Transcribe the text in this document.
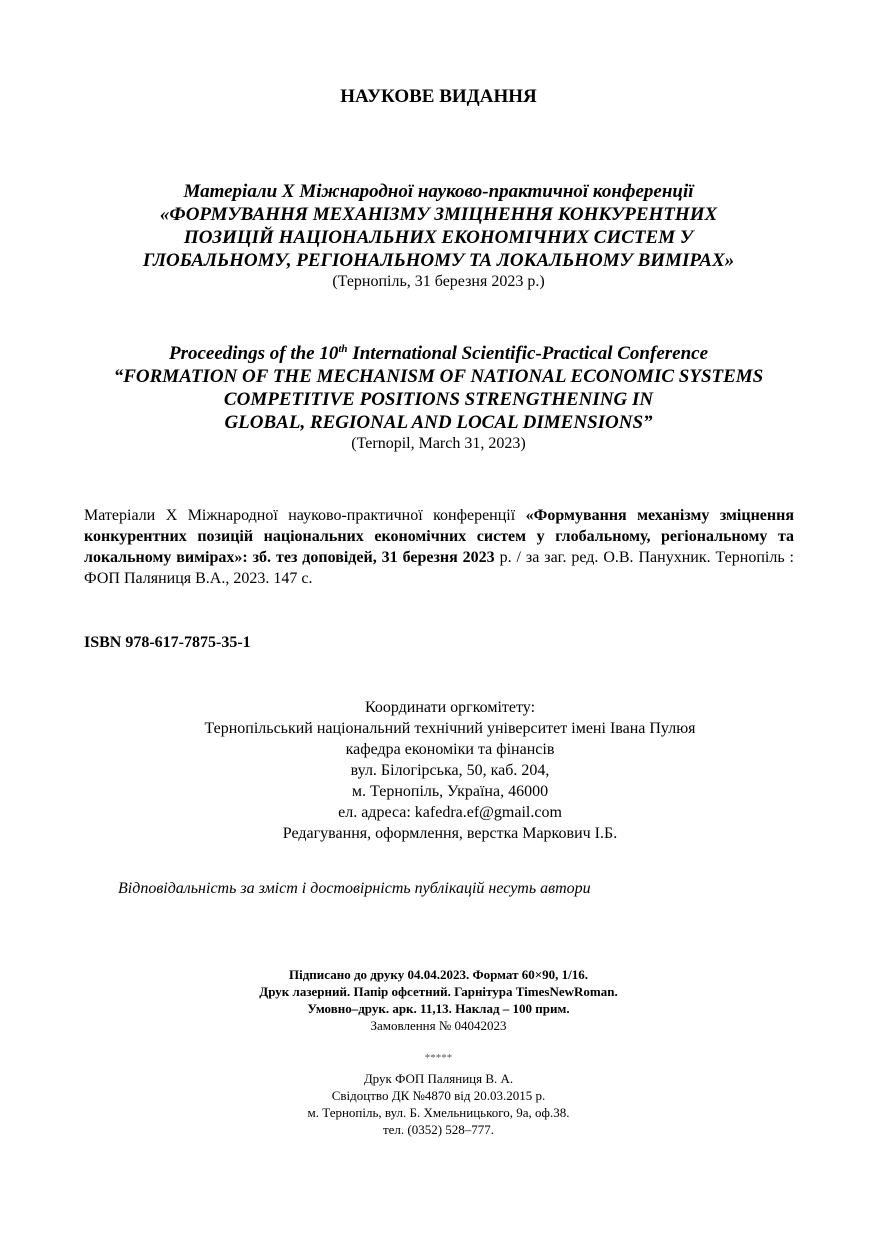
НАУКОВЕ ВИДАННЯ
Матеріали Х Міжнародної науково-практичної конференції
«ФОРМУВАННЯ МЕХАНІЗМУ ЗМІЦНЕННЯ КОНКУРЕНТНИХ
ПОЗИЦІЙ НАЦІОНАЛЬНИХ ЕКОНОМІЧНИХ СИСТЕМ У
ГЛОБАЛЬНОМУ, РЕГІОНАЛЬНОМУ ТА ЛОКАЛЬНОМУ ВИМІРАХ»
(Тернопіль, 31 березня 2023 р.)
Proceedings of the 10th International Scientific-Practical Conference
“FORMATION OF THE MECHANISM OF NATIONAL ECONOMIC SYSTEMS
COMPETITIVE POSITIONS STRENGTHENING IN
GLOBAL, REGIONAL AND LOCAL DIMENSIONS”
(Ternopil, March 31, 2023)
Матеріали Х Міжнародної науково-практичної конференції «Формування механізму зміцнення конкурентних позицій національних економічних систем у глобальному, регіональному та локальному вимірах»: зб. тез доповідей, 31 березня 2023 р. / за заг. ред. О.В. Панухник. Тернопіль : ФОП Паляниця В.А., 2023. 147 с.
ISBN 978-617-7875-35-1
Координати оргкомітету:
Тернопільський національний технічний університет імені Івана Пулюя
кафедра економіки та фінансів
вул. Білогірська, 50, каб. 204,
м. Тернопіль, Україна, 46000
ел. адреса: kafedra.ef@gmail.com
Редагування, оформлення, верстка Маркович І.Б.
Відповідальність за зміст і достовірність публікацій несуть автори
Підписано до друку 04.04.2023. Формат 60×90, 1/16.
Друк лазерний. Папір офсетний. Гарнітура TimesNewRoman.
Умовно–друк. арк. 11,13. Наклад – 100 прим.
Замовлення № 04042023
*****
Друк ФОП Паляниця В. А.
Свідоцтво ДК №4870 від 20.03.2015 р.
м. Тернопіль, вул. Б. Хмельницького, 9а, оф.38.
тел. (0352) 528–777.
